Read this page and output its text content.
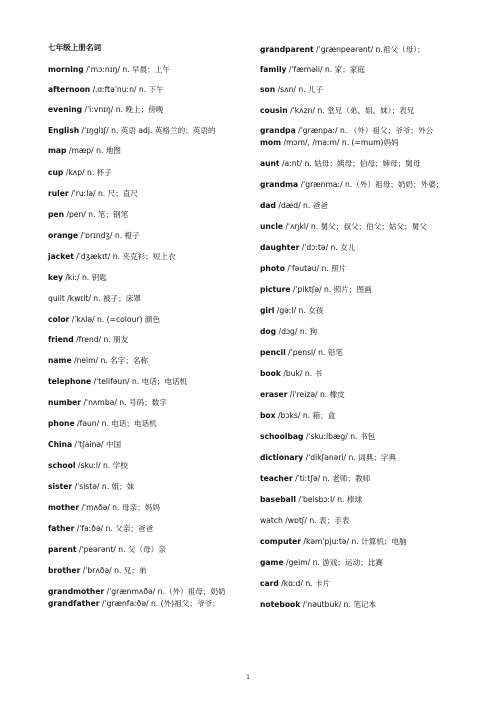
七年级上册名词
morning /ˈmɔːnɪŋ/ n. 早晨；上午
afternoon /ˌɑːftəˈnuːn/ n. 下午
evening /ˈiːvnɪŋ/ n. 晚上；傍晚
English /ˈɪŋglɪʃ/ n. 英语 adj. 英格兰的；英语的
map /mæp/ n. 地图
cup /kʌp/ n. 杯子
ruler /ˈruːlə/ n. 尺；直尺
pen /pen/ n. 笔；钢笔
orange /ˈɒrɪndʒ/ n. 橙子
jacket /ˈdʒækɪt/ n. 夹克衫；短上衣
key /kiː/ n. 钥匙
quilt /kwɪlt/ n. 被子；床罩
color /ˈkʌlə/ n. (=colour) 颜色
friend /frend/ n. 朋友
name /neim/ n. 名字；名称
telephone /ˈtelifəun/ n. 电话；电话机
number /ˈnʌmbə/ n. 号码；数字
phone /fəun/ n. 电话；电话机
China /ˈtʃainə/ 中国
school /skuːl/ n. 学校
sister /ˈsistə/ n. 姐；妹
mother /ˈmʌðə/ n. 母亲；妈妈
father /ˈfaːðə/ n. 父亲；爸爸
parent /ˈpeərənt/ n. 父（母）亲
brother /ˈbrʌðə/ n. 兄；弟
grandmother /ˈgrænmʌðə/ n.（外）祖母；奶奶
grandfather /ˈgrænfaːðə/ n. (外)祖父；爷爷；
grandparent /ˈgrænpeərənt/ n.祖父（母）；
family /ˈfæməli/ n. 家；家庭
son /sʌn/ n. 儿子
cousin /ˈkʌzn/ n. 堂兄（弟、姐、妹）；表兄
grandpa /ˈgrænpaː/ n. （外）祖父；爷爷；外公
mom /mɔm/, /maːm/ n. (=mum)妈妈
aunt /aːnt/ n. 姑母；姨母；伯母；婶母；舅母
grandma /ˈgrænmaː/ n.（外）祖母；奶奶；外婆；
dad /dæd/ n. 爸爸
uncle /ˈʌŋkl/ n. 舅父；叔父；伯父；姑父；舅父
daughter /ˈdɔːtə/ n. 女儿
photo /ˈfəutəu/ n. 照片
picture /ˈpiktʃə/ n. 照片；图画
girl /gəːl/ n. 女孩
dog /dɔg/ n. 狗
pencil /ˈpensl/ n. 铅笔
book /buk/ n. 书
eraser /iˈreizə/ n. 橡皮
box /bɔks/ n. 箱；盒
schoolbag /ˈskuːlbæg/ n. 书包
dictionary /ˈdikʃənəri/ n. 词典；字典
teacher /ˈtiːtʃə/ n. 老师；教师
baseball /ˈbeisbɔːl/ n. 棒球
watch /wɒtʃ/ n. 表；手表
computer /kəmˈpjuːtə/ n. 计算机；电脑
game /geim/ n. 游戏；运动；比赛
card /kɑːd/ n. 卡片
notebook /ˈnəutbuk/ n. 笔记本
1
